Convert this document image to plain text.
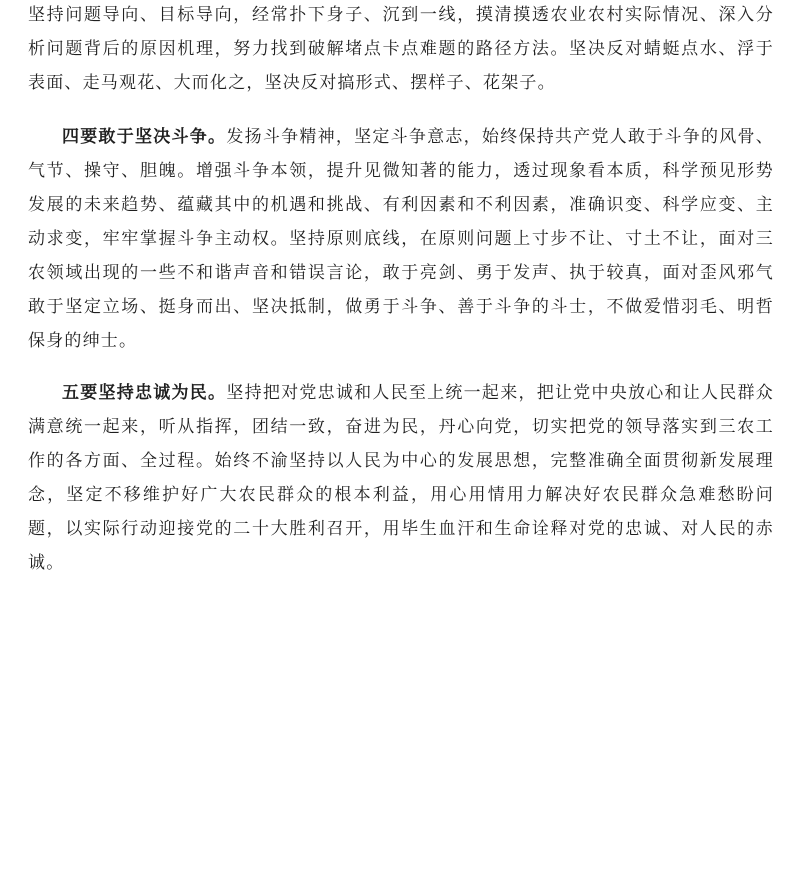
坚持问题导向、目标导向，经常扑下身子、沉到一线，摸清摸透农业农村实际情况、深入分析问题背后的原因机理，努力找到破解堵点卡点难题的路径方法。坚决反对蜻蜓点水、浮于表面、走马观花、大而化之，坚决反对搞形式、摆样子、花架子。

四要敢于坚决斗争。发扬斗争精神，坚定斗争意志，始终保持共产党人敢于斗争的风骨、气节、操守、胆魄。增强斗争本领，提升见微知著的能力，透过现象看本质，科学预见形势发展的未来趋势、蕴藏其中的机遇和挑战、有利因素和不利因素，准确识变、科学应变、主动求变，牢牢掌握斗争主动权。坚持原则底线，在原则问题上寸步不让、寸土不让，面对三农领域出现的一些不和谐声音和错误言论，敢于亮剑、勇于发声、执于较真，面对歪风邪气敢于坚定立场、挺身而出、坚决抵制，做勇于斗争、善于斗争的斗士，不做爱惜羽毛、明哲保身的绅士。

五要坚持忠诚为民。坚持把对党忠诚和人民至上统一起来，把让党中央放心和让人民群众满意统一起来，听从指挥，团结一致，奋进为民，丹心向党，切实把党的领导落实到三农工作的各方面、全过程。始终不渝坚持以人民为中心的发展思想，完整准确全面贯彻新发展理念，坚定不移维护好广大农民群众的根本利益，用心用情用力解决好农民群众急难愁盼问题，以实际行动迎接党的二十大胜利召开，用毕生血汗和生命诠释对党的忠诚、对人民的赤诚。
